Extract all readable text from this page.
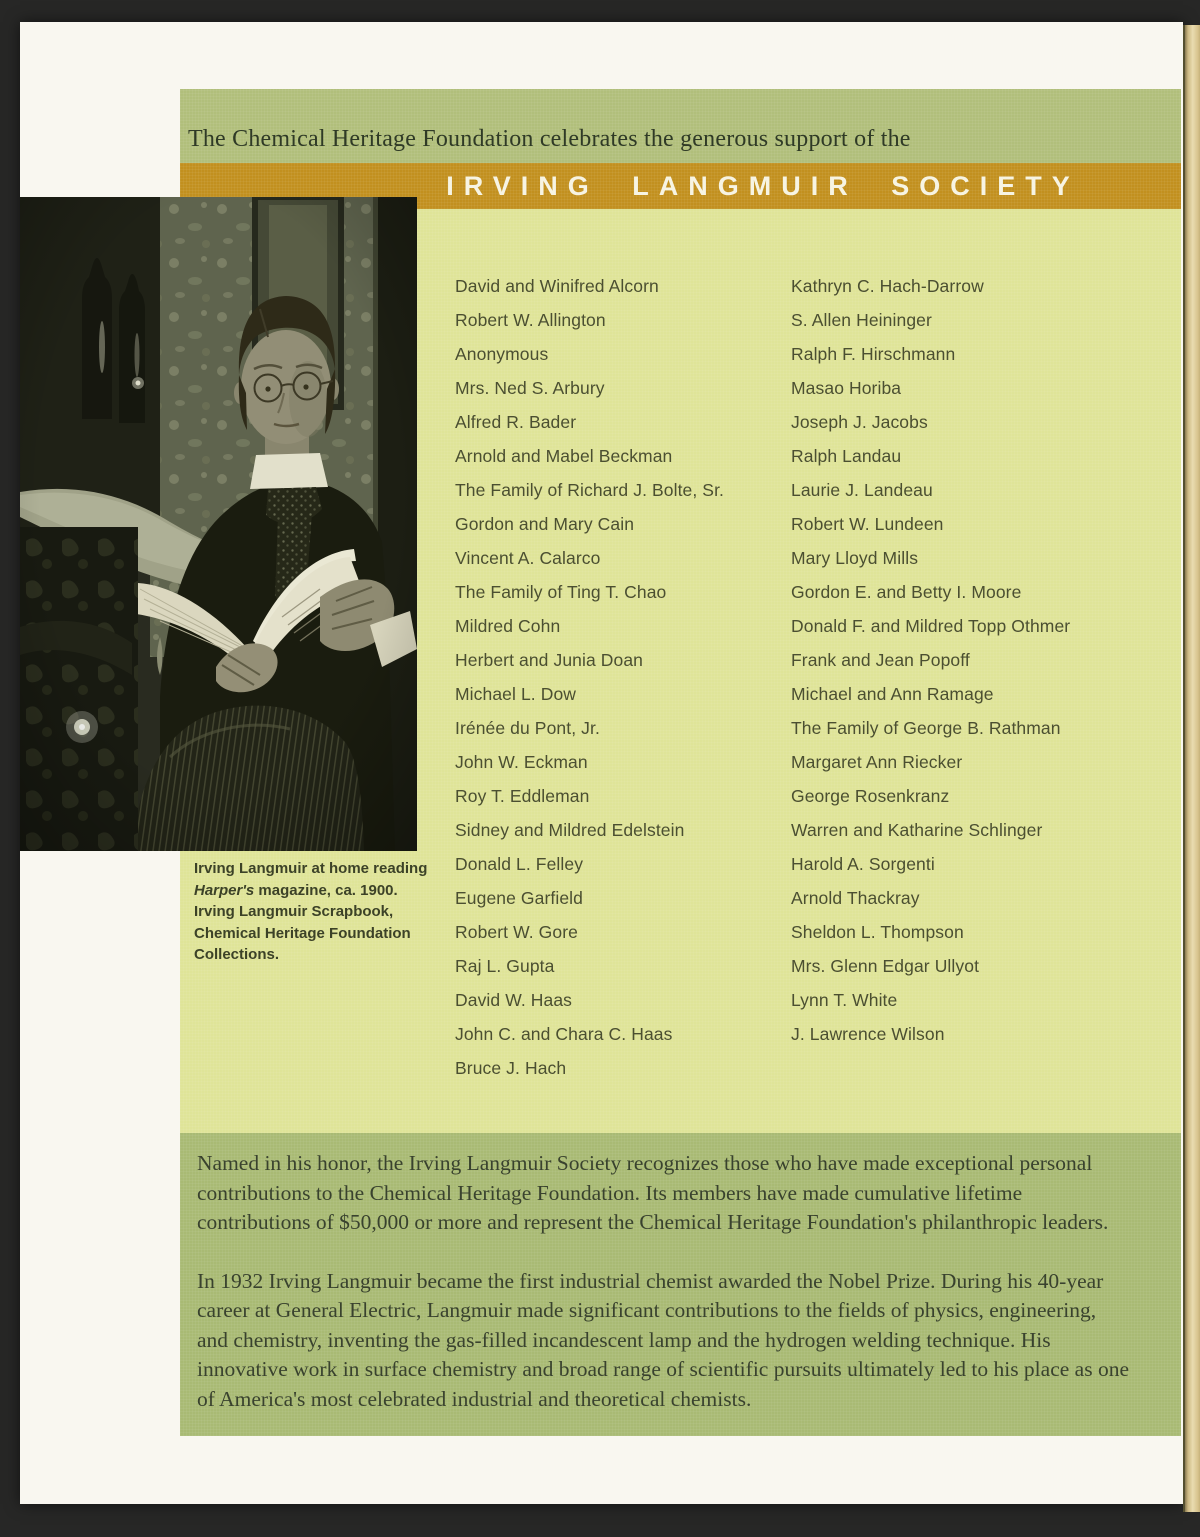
The Chemical Heritage Foundation celebrates the generous support of the
IRVING LANGMUIR SOCIETY

Named in his honor, the Irving Langmuir Society recognizes those who have made exceptional personal contributions to the Chemical Heritage Foundation. Its members have made cumulative lifetime contributions of $50,000 or more and represent the Chemical Heritage Foundation's philanthropic leaders.

In 1932 Irving Langmuir became the first industrial chemist awarded the Nobel Prize. During his 40-year career at General Electric, Langmuir made significant contributions to the fields of physics, engineering, and chemistry, inventing the gas-filled incandescent lamp and the hydrogen welding technique. His innovative work in surface chemistry and broad range of scientific pursuits ultimately led to his place as one of America's most celebrated industrial and theoretical chemists.

Irving Langmuir at home reading Harper's magazine, ca. 1900. Irving Langmuir Scrapbook, Chemical Heritage Foundation Collections.
David and Winifred Alcorn
Robert W. Allington
Anonymous
Mrs. Ned S. Arbury
Alfred R. Bader
Arnold and Mabel Beckman
The Family of Richard J. Bolte, Sr.
Gordon and Mary Cain
Vincent A. Calarco
The Family of Ting T. Chao
Mildred Cohn
Herbert and Junia Doan
Michael L. Dow
Irénée du Pont, Jr.
John W. Eckman
Roy T. Eddleman
Sidney and Mildred Edelstein
Donald L. Felley
Eugene Garfield
Robert W. Gore
Raj L. Gupta
David W. Haas
John C. and Chara C. Haas
Bruce J. Hach
Kathryn C. Hach-Darrow
S. Allen Heininger
Ralph F. Hirschmann
Masao Horiba
Joseph J. Jacobs
Ralph Landau
Laurie J. Landeau
Robert W. Lundeen
Mary Lloyd Mills
Gordon E. and Betty I. Moore
Donald F. and Mildred Topp Othmer
Frank and Jean Popoff
Michael and Ann Ramage
The Family of George B. Rathman
Margaret Ann Riecker
George Rosenkranz
Warren and Katharine Schlinger
Harold A. Sorgenti
Arnold Thackray
Sheldon L. Thompson
Mrs. Glenn Edgar Ullyot
Lynn T. White
J. Lawrence Wilson
